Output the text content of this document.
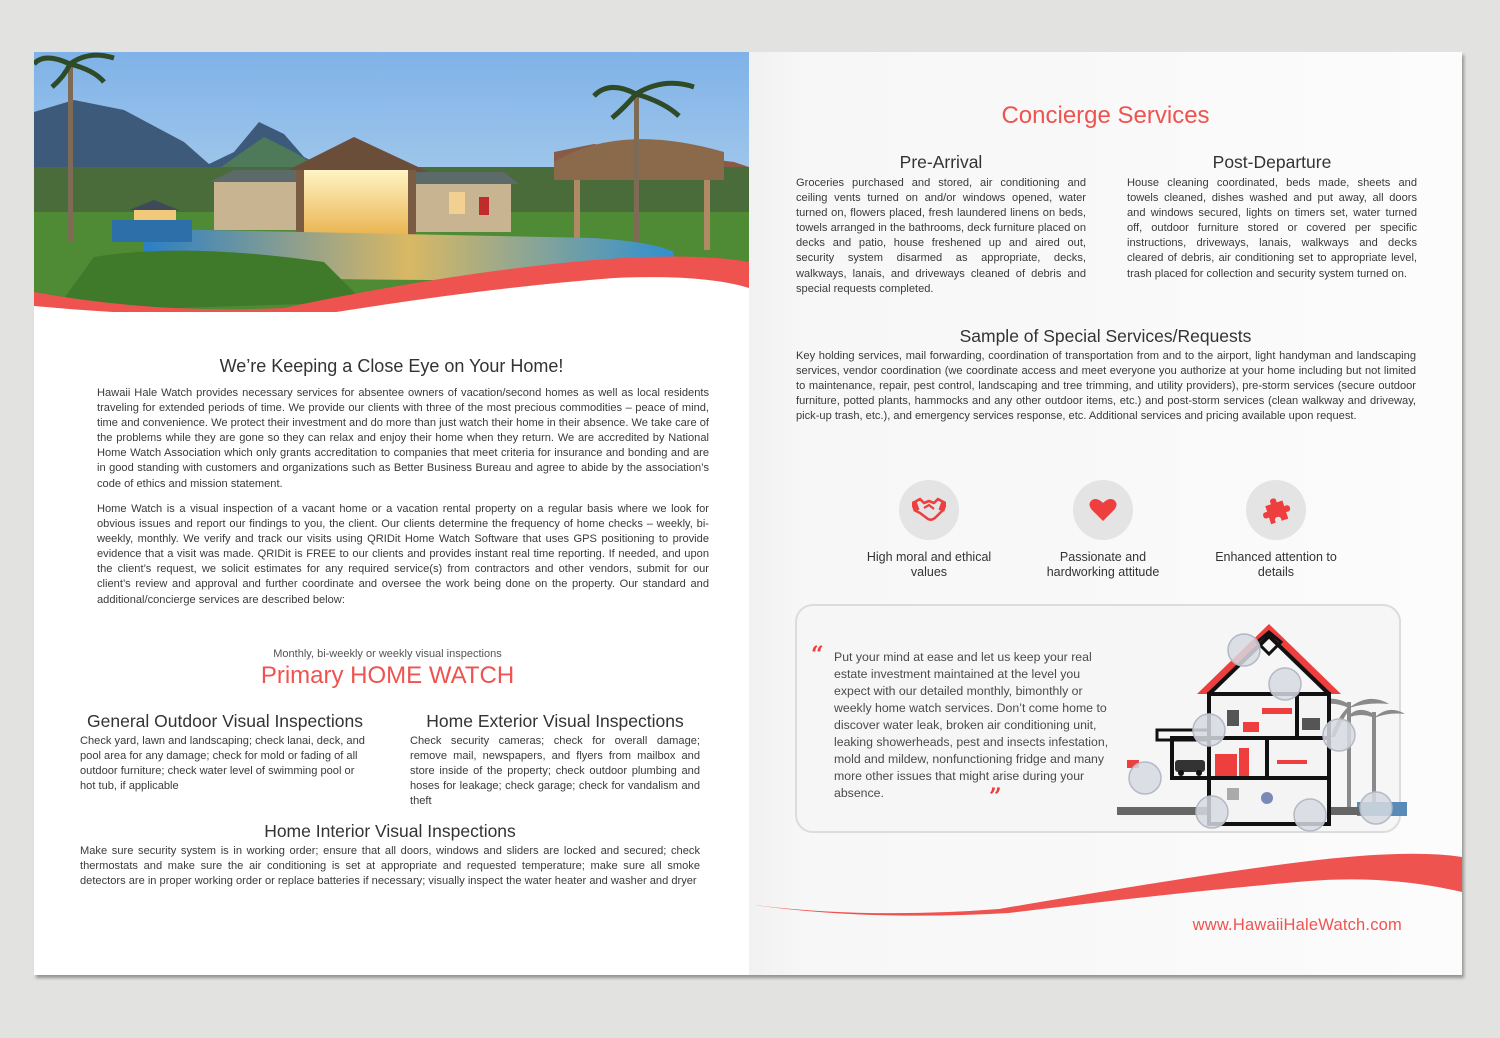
We’re Keeping a Close Eye on Your Home!

Hawaii Hale Watch provides necessary services for absentee owners of vacation/second homes as well as local residents traveling for extended periods of time. We provide our clients with three of the most precious commodities – peace of mind, time and convenience. We protect their investment and do more than just watch their home in their absence. We take care of the problems while they are gone so they can relax and enjoy their home when they return. We are accredited by National Home Watch Association which only grants accreditation to companies that meet criteria for insurance and bonding and are in good standing with customers and organizations such as Better Business Bureau and agree to abide by the association’s code of ethics and mission statement.

Home Watch is a visual inspection of a vacant home or a vacation rental property on a regular basis where we look for obvious issues and report our findings to you, the client. Our clients determine the frequency of home checks – weekly, bi-weekly, monthly. We verify and track our visits using QRIDit Home Watch Software that uses GPS positioning to provide evidence that a visit was made. QRIDit is FREE to our clients and provides instant real time reporting. If needed, and upon the client’s request, we solicit estimates for any required service(s) from contractors and other vendors, submit for our client’s review and approval and further coordinate and oversee the work being done on the property. Our standard and additional/concierge services are described below:

Monthly, bi-weekly or weekly visual inspections
Primary HOME WATCH
General Outdoor Visual Inspections

Check yard, lawn and landscaping; check lanai, deck, and pool area for any damage; check for mold or fading of all outdoor furniture; check water level of swimming pool or hot tub, if applicable

Home Exterior Visual Inspections

Check security cameras; check for overall damage; remove mail, newspapers, and flyers from mailbox and store inside of the property; check outdoor plumbing and hoses for leakage; check garage; check for vandalism and theft

Home Interior Visual Inspections

Make sure security system is in working order; ensure that all doors, windows and sliders are locked and secured; check thermostats and make sure the air conditioning is set at appropriate and requested temperature; make sure all smoke detectors are in proper working order or replace batteries if necessary; visually inspect the water heater and washer and dryer

Concierge Services
Pre-Arrival

Groceries purchased and stored, air conditioning and ceiling vents turned on and/or windows opened, water turned on, flowers placed, fresh laundered linens on beds, towels arranged in the bathrooms, deck furniture placed on decks and patio, house freshened up and aired out, security system disarmed as appropriate, decks, walkways, lanais, and driveways cleaned of debris and special requests completed.

Post-Departure

House cleaning coordinated, beds made, sheets and towels cleaned, dishes washed and put away, all doors and windows secured, lights on timers set, water turned off, outdoor furniture stored or covered per specific instructions, driveways, lanais, walkways and decks cleared of debris, air conditioning set to appropriate level, trash placed for collection and security system turned on.

Sample of Special Services/Requests

Key holding services, mail forwarding, coordination of transportation from and to the airport, light handyman and landscaping services, vendor coordination (we coordinate access and meet everyone you authorize at your home including but not limited to maintenance, repair, pest control, landscaping and tree trimming, and utility providers), pre-storm services (secure outdoor furniture, potted plants, hammocks and any other outdoor items, etc.) and post-storm services (clean walkway and driveway, pick-up trash, etc.), and emergency services response, etc. Additional services and pricing available upon request.

High moral and ethical values
Passionate and hardworking attitude
Enhanced attention to details
“ Put your mind at ease and let us keep your real estate investment maintained at the level you expect with our detailed monthly, bimonthly or weekly home watch services. Don’t come home to discover water leak, broken air conditioning unit, leaking showerheads, pest and insects infestation, mold and mildew, nonfunctioning fridge and many more other issues that might arise during your absence.	”
www.HawaiiHaleWatch.com
